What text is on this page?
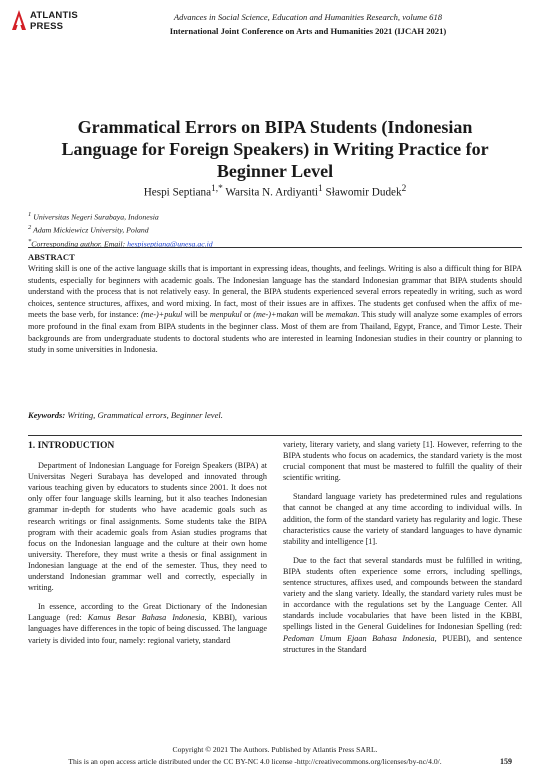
ATLANTIS
PRESS
Advances in Social Science, Education and Humanities Research, volume 618
International Joint Conference on Arts and Humanities 2021 (IJCAH 2021)
Grammatical Errors on BIPA Students (Indonesian Language for Foreign Speakers) in Writing Practice for Beginner Level
Hespi Septiana$^{1,*}$ Warsita N. Ardiyanti$^1$ Sławomir Dudek$^2$
$^1$ Universitas Negeri Surabaya, Indonesia
$^2$ Adam Mickiewicz University, Poland
*Corresponding author. Email: hespiseptiana@unesa.ac.id
ABSTRACT
Writing skill is one of the active language skills that is important in expressing ideas, thoughts, and feelings. Writing is also a difficult thing for BIPA students, especially for beginners with academic goals. The Indonesian language has the standard Indonesian grammar that BIPA students should understand with the process that is not relatively easy. In general, the BIPA students experienced several errors repeatedly in writing, such as word choices, sentence structures, affixes, and word mixing. In fact, most of their issues are in affixes. The students get confused when the affix of me-meets the base verb, for instance: (me-)+pukul will be menpukul or (me-)+makan will be memakan. This study will analyze some examples of errors more profound in the final exam from BIPA students in the beginner class. Most of them are from Thailand, Egypt, France, and Timor Leste. Their backgrounds are from undergraduate students to doctoral students who are interested in learning Indonesian studies in their country or planning to study in some universities in Indonesia.
Keywords: Writing, Grammatical errors, Beginner level.
1. INTRODUCTION

Department of Indonesian Language for Foreign Speakers (BIPA) at Universitas Negeri Surabaya has developed and innovated through various teaching given by educators to students since 2001. It does not only offer four language skills learning, but it also teaches Indonesian grammar in-depth for students who have academic goals such as research writings or final assignments. Some students take the BIPA program with their academic goals from Asian studies programs that focus on the Indonesian language and the culture at their own home university. Therefore, they must write a thesis or final assignment in Indonesian language at the end of the semester. Thus, they need to understand Indonesian grammar well and correctly, especially in writing.

In essence, according to the Great Dictionary of the Indonesian Language (red: Kamus Besar Bahasa Indonesia, KBBI), various languages have differences in the topic of being discussed. The language variety is divided into four, namely: regional variety, standard

variety, literary variety, and slang variety [1]. However, referring to the BIPA students who focus on academics, the standard variety is the most crucial component that must be mastered to fulfill the quality of their scientific writing.

Standard language variety has predetermined rules and regulations that cannot be changed at any time according to individual wills. In addition, the form of the standard variety has regularity and logic. These characteristics cause the variety of standard languages to have dynamic stability and intelligence [1].

Due to the fact that several standards must be fulfilled in writing, BIPA students often experience some errors, including spellings, sentence structures, affixes used, and compounds between the standard variety and the slang variety. Ideally, the standard variety rules must be in accordance with the regulations set by the Language Center. All standards include vocabularies that have been listed in the KBBI, spellings listed in the General Guidelines for Indonesian Spelling (red: Pedoman Umum Ejaan Bahasa Indonesia, PUEBI), and sentence structures in the Standard

Copyright © 2021 The Authors. Published by Atlantis Press SARL.
This is an open access article distributed under the CC BY-NC 4.0 license -http://creativecommons.org/licenses/by-nc/4.0/.	159
